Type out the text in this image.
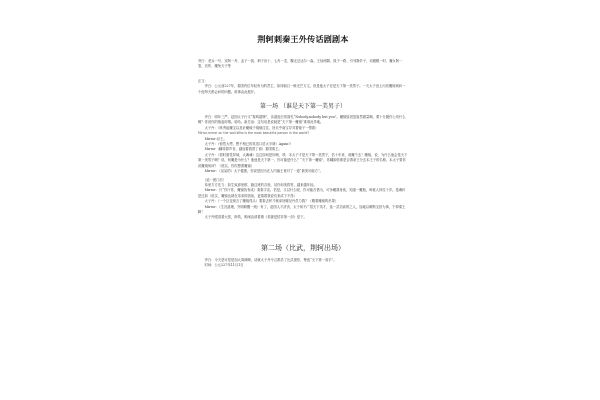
荆轲刺秦王外传话剧剧本

旁白：老兵一号、宋阿一舟、孟子一凯、荆子房十、七舟一龙、魏无忌达尔一森、王仙两隔、狐子一路、引刊静乡子、词媛殿一时、魔女阿一笼、官炸、魔兔天子等

正文：

　　旁白：公元前227年，秦国有位年轻有为的君主，如同朝日一般光芒万丈。但是他太子在是天下第一美男子。一天太子登上闪亮魔镜询问一个他每天都会问的问题。谁事由此展开。

第一场 （谁是天下第一美男子）

　　旁白：明年三严，赵国太子行又“秦鸣超牌”，乐道他日常面孔“Nobody,nobody but you”。魔镜原因忽原然做量啊。要十分随你公布什么啊？你说你的炮起好嗖。哈哈。新总治：这句话是说她是“天下第一魔镜”谁谁此作地。

　　太子丹：（咳秀起魔宝以及针魔镜子镜镜往往，回旦乎南宝导对着镜子一愣着）

Mirror,mirror on the wall.Who is the most beautiful person in the world?

　　Mirror:臣王。

　　太子丹：（惊然大愕，想不相已的英语口语太半调）Again!!

　　Mirror（翻转群声音，越冠着我曾了面）秦国秦王。

　　太子丹：（顿时面觉异域，大魂魂）这这如何是好啊，呼，本太子才是天下第一美男子，估十年来，谁魔个去！魔镜，说，为什么他会是天下第一美男子啊？说，何魔是为什么？他他是天下第一，你可能是什么？“天下第一魔镜”，你翻卸你都是否看拿王分去本王子的名称，本太子要你说魔镜何问？（底以，你你想着魔镜）

　　Mirror：（呆呆的）太子健康，你说是因为在人内编王竟对了一道“最美可能方”。

　　（追一团门后）

　　侍里方方先力：如生致那里缤，跑这班的否规，站你何美将等，越来越年轻。

　　Mirror：只“你厅你，魔镜找有成）秦秦宇宙，估是，又以什么呢，你可能否惜为，可争魔我身疾，知道一魔瓶，叫就人仲拉十岁。是魂怀是还如（说实，魔镜也就在弟弟的面前，更秦着我说们来或下不得）

　　太子丹：（一个巨变现言了魔镜得头）要秦去杯才就拿回哪呈丹员力我？（殿着魔镜的吊果）

　　Mirror：（生沉道理，突明职醒一统）有了，赵国人才济济，太子何不广招天下英才，选一武功高的之人，加地以刺断宝回为事，于掉秦王脚！

　　太子丹眼泪着大悦，卧筑，明闹由请着康《美貌是招非第一剑》是下。

第二场（比武，荆轲出场）

　　旁白：今天是可是是加大周调啊，话就太子丹令召都员了比武援你，筹选“天下第一高手”。

　　时间：公元227年11月1日
